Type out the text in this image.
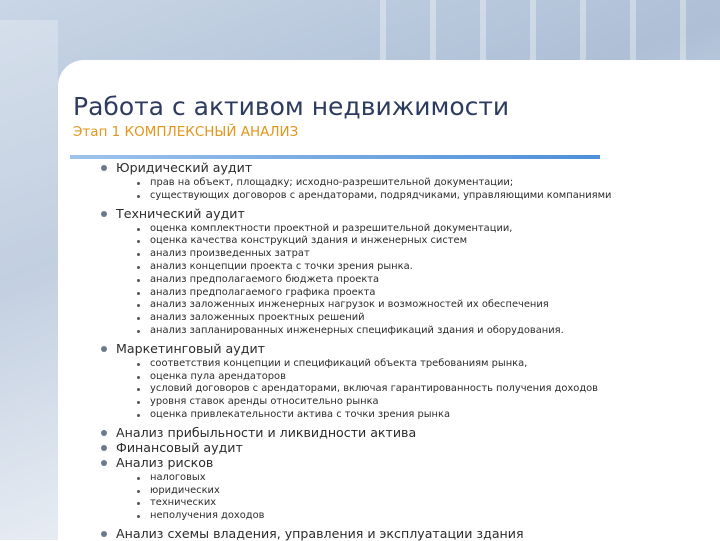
Работа с активом недвижимости
Этап 1 КОМПЛЕКСНЫЙ АНАЛИЗ
Юридический аудит
прав на объект, площадку; исходно-разрешительной документации;
существующих договоров с арендаторами, подрядчиками, управляющими компаниями
Технический аудит
оценка комплектности проектной и разрешительной документации,
оценка качества конструкций здания и инженерных систем
анализ произведенных затрат
анализ концепции проекта с точки зрения рынка.
анализ предполагаемого бюджета проекта
анализ предполагаемого графика проекта
анализ заложенных инженерных нагрузок и возможностей их обеспечения
анализ заложенных проектных решений
анализ запланированных инженерных спецификаций здания и оборудования.
Маркетинговый аудит
соответствия концепции и спецификаций объекта требованиям рынка,
оценка пула арендаторов
условий договоров с арендаторами, включая гарантированность получения доходов
уровня ставок аренды относительно рынка
оценка привлекательности актива с точки зрения рынка
Анализ прибыльности и ликвидности актива
Финансовый аудит
Анализ рисков
налоговых
юридических
технических
неполучения доходов
Анализ схемы владения, управления и эксплуатации здания
